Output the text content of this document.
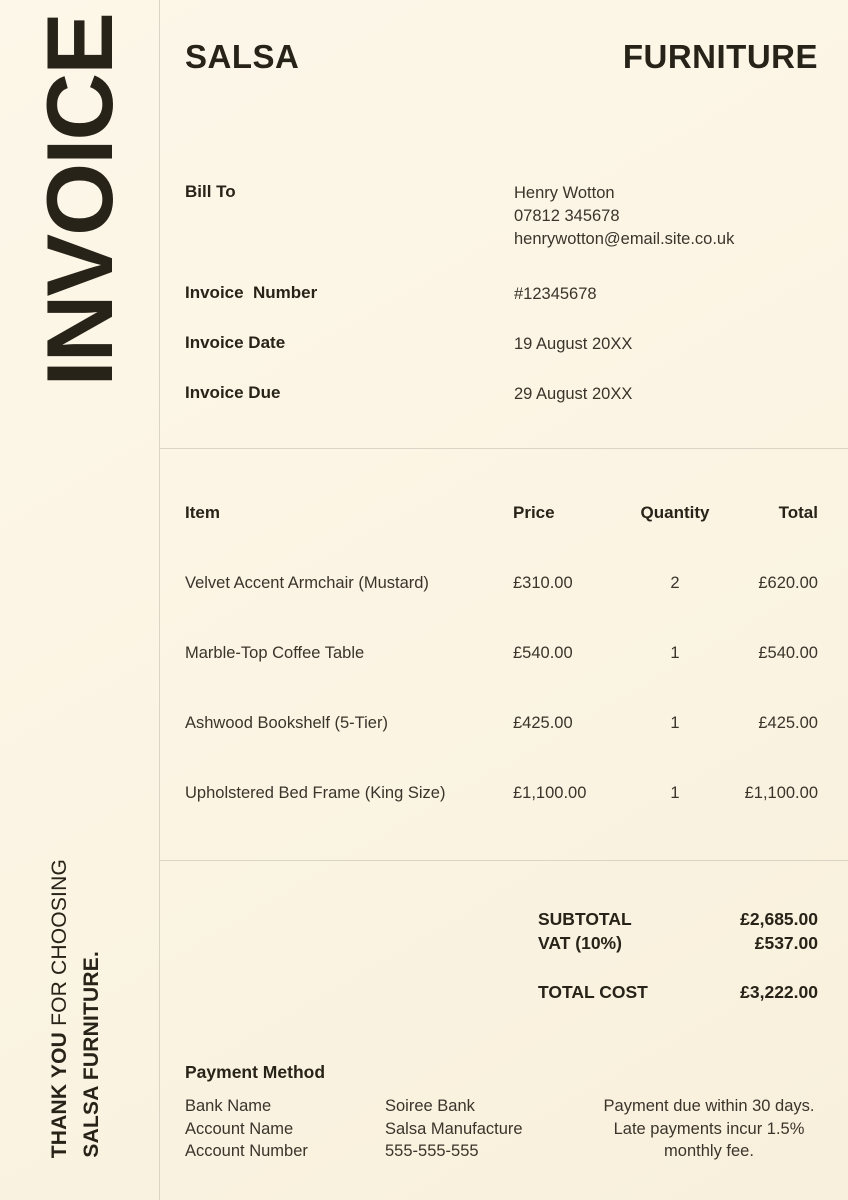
INVOICE
THANK YOU FOR CHOOSING
SALSA FURNITURE.
SALSA	FURNITURE
Bill To	Henry Wotton
07812 345678
henrywotton@email.site.co.uk
Invoice  Number	#12345678
Invoice Date	19 August 20XX
Invoice Due	29 August 20XX
Item	Price	Quantity	Total
Velvet Accent Armchair (Mustard)	£310.00	2	£620.00
Marble-Top Coffee Table	£540.00	1	£540.00
Ashwood Bookshelf (5-Tier)	£425.00	1	£425.00
Upholstered Bed Frame (King Size)	£1,100.00	1	£1,100.00
SUBTOTAL	£2,685.00
VAT (10%)	£537.00
TOTAL COST	£3,222.00
Payment Method
Bank Name	Soiree Bank
Account Name	Salsa Manufacture
Account Number	555-555-555
Payment due within 30 days. Late payments incur 1.5% monthly fee.
